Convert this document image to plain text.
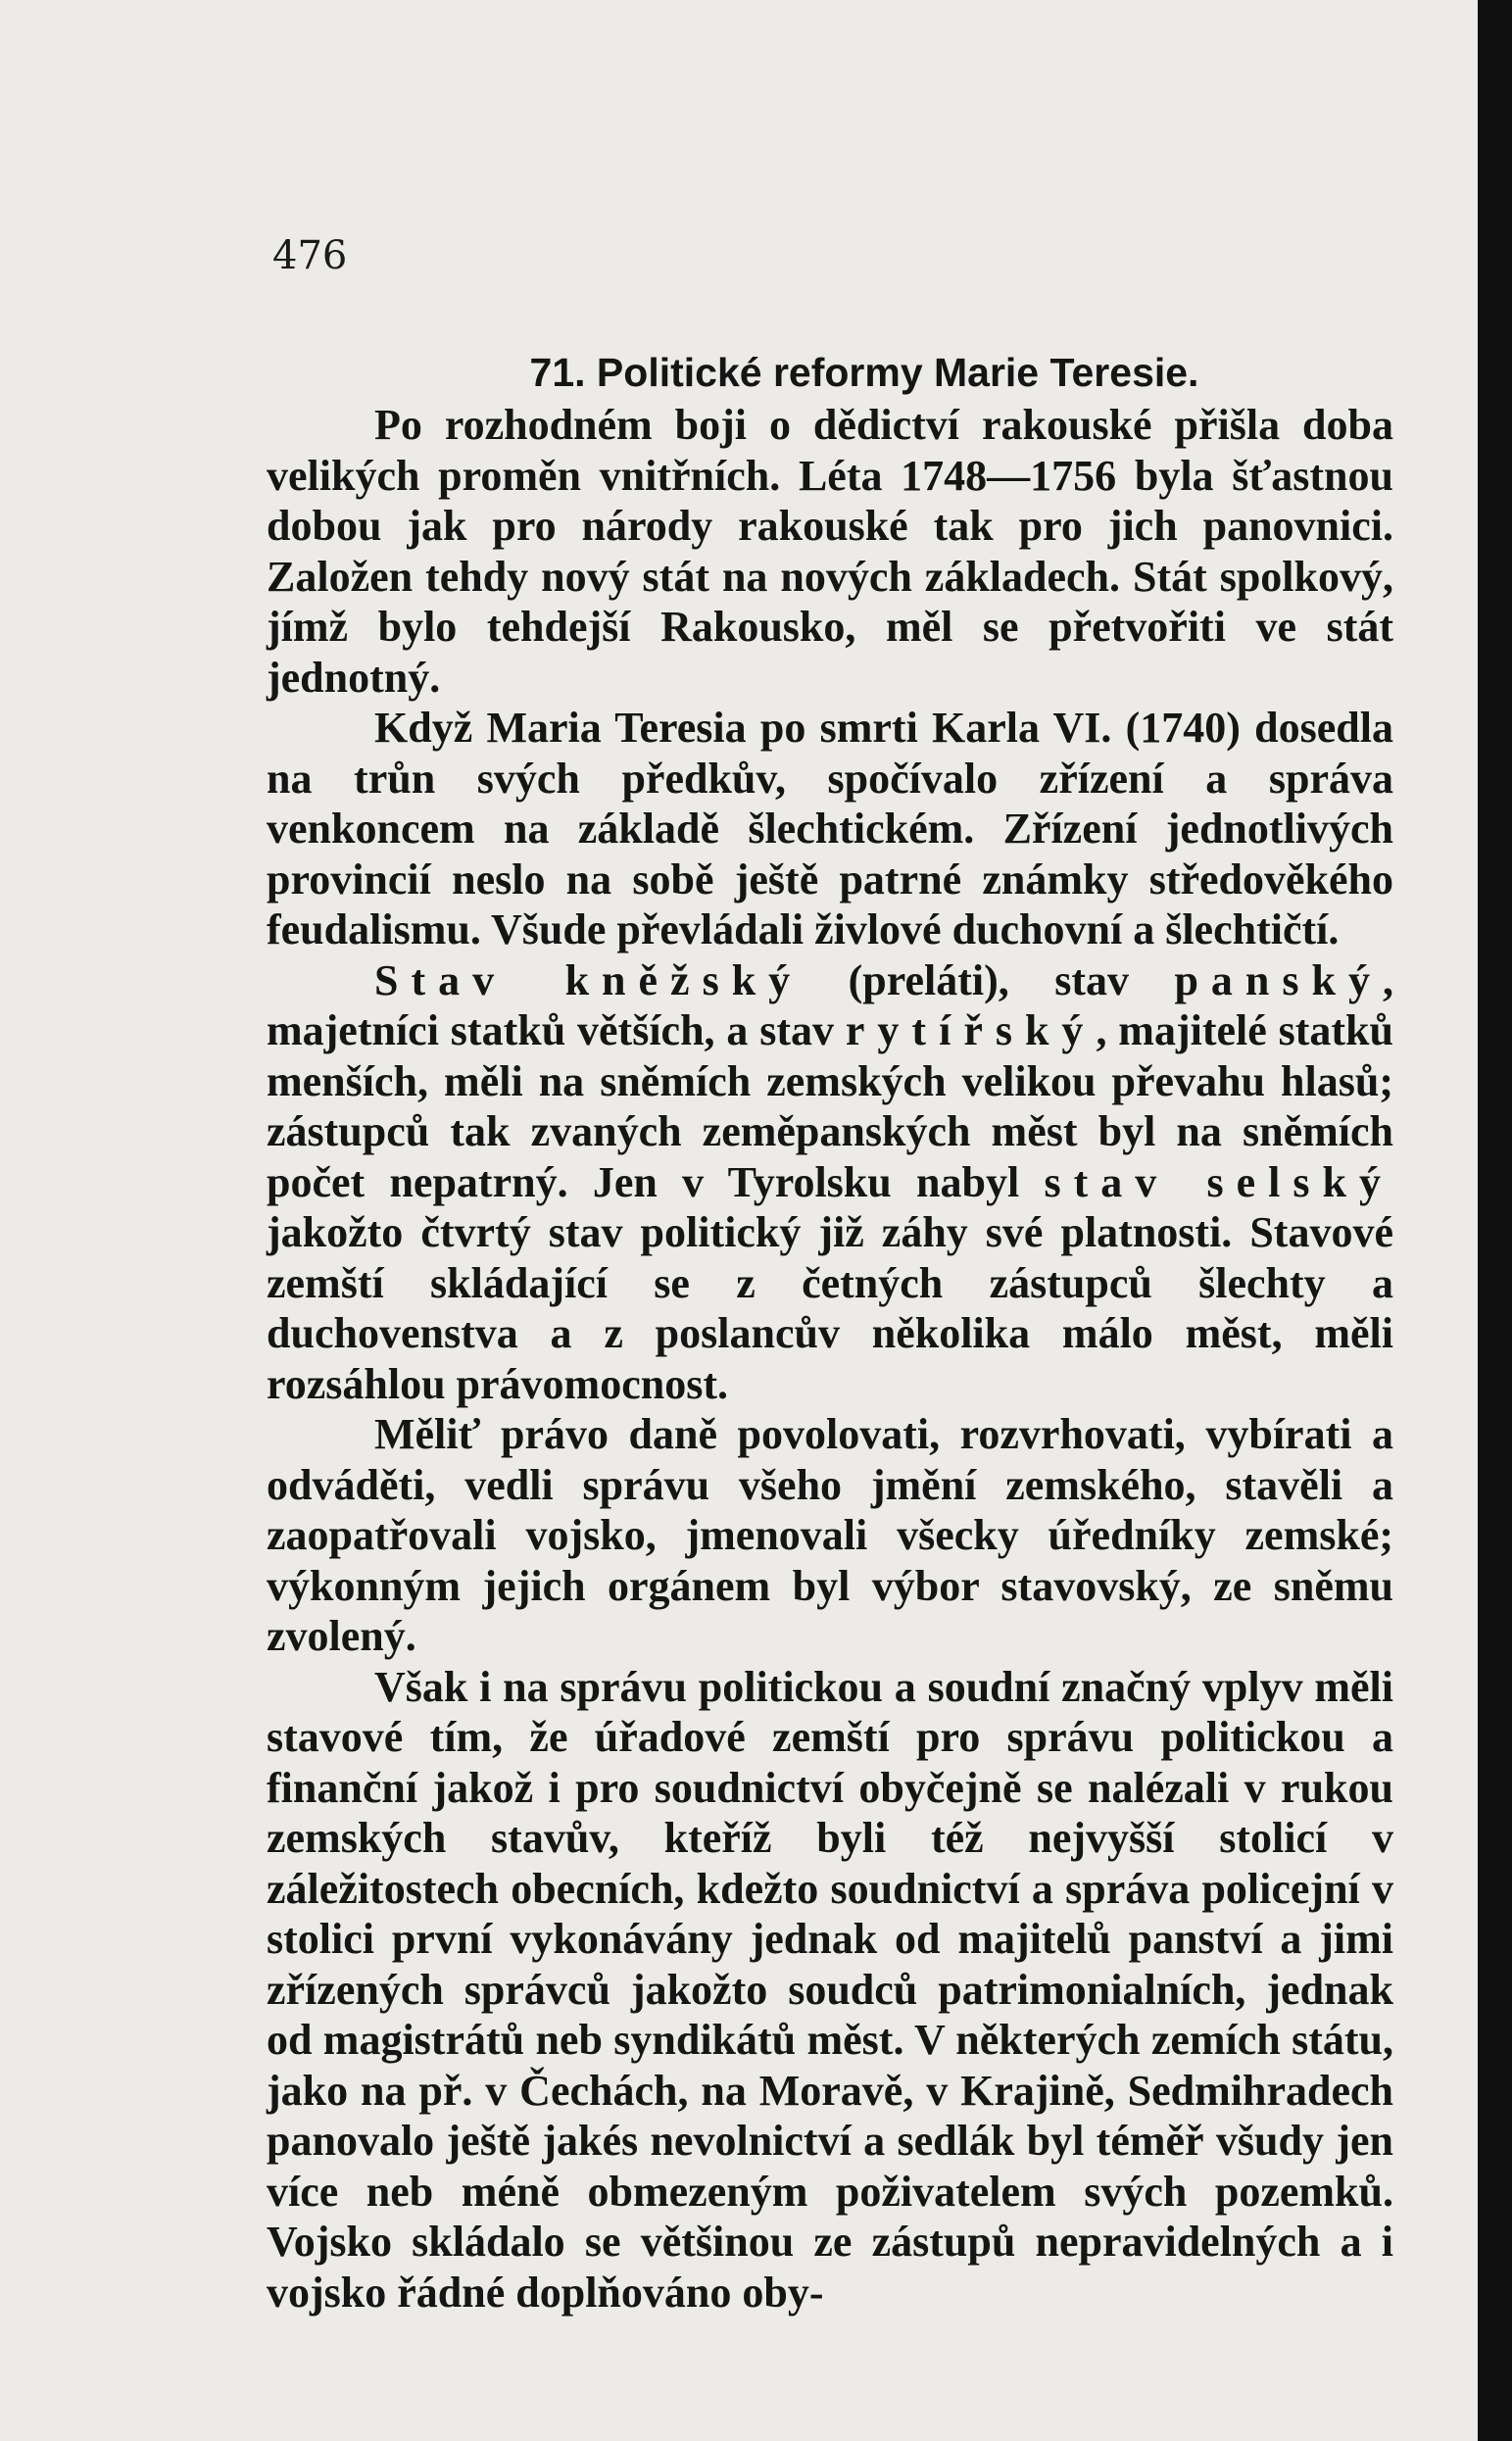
476

71. Politické reformy Marie Teresie.

Po rozhodném boji o dědictví rakouské přišla doba velikých proměn vnitřních. Léta 1748—1756 byla šťastnou dobou jak pro národy rakouské tak pro jich panovnici. Založen tehdy nový stát na nových základech. Stát spolkový, jímž bylo tehdejší Rakousko, měl se přetvořiti ve stát jednotný.

Když Maria Teresia po smrti Karla VI. (1740) dosedla na trůn svých předkův, spočívalo zřízení a správa venkoncem na základě šlechtickém. Zřízení jednotlivých provincií neslo na sobě ještě patrné známky středověkého feudalismu. Všude převládali živlové duchovní a šlechtičtí.

Stav kněžský (preláti), stav panský, majetníci statků větších, a stav rytířský, majitelé statků menších, měli na sněmích zemských velikou převahu hlasů; zástupců tak zvaných zeměpanských měst byl na sněmích počet nepatrný. Jen v Tyrolsku nabyl stav selský jakožto čtvrtý stav politický již záhy své platnosti. Stavové zemští skládající se z četných zástupců šlechty a duchovenstva a z poslancův několika málo měst, měli rozsáhlou právomocnost.

Měliť právo daně povolovati, rozvrhovati, vybírati a odváděti, vedli správu všeho jmění zemského, stavěli a zaopatřovali vojsko, jmenovali všecky úředníky zemské; výkonným jejich orgánem byl výbor stavovský, ze sněmu zvolený.

Však i na správu politickou a soudní značný vplyv měli stavové tím, že úřadové zemští pro správu politickou a finanční jakož i pro soudnictví obyčejně se nalézali v rukou zemských stavův, kteříž byli též nejvyšší stolicí v záležitostech obecních, kdežto soudnictví a správa policejní v stolici první vykonávány jednak od majitelů panství a jimi zřízených správců jakožto soudců patrimonialních, jednak od magistrátů neb syndikátů měst. V některých zemích státu, jako na př. v Čechách, na Moravě, v Krajině, Sedmihradech panovalo ještě jakés nevolnictví a sedlák byl téměř všudy jen více neb méně obmezeným poživatelem svých pozemků. Vojsko skládalo se většinou ze zástupů nepravidelných a i vojsko řádné doplňováno oby-
